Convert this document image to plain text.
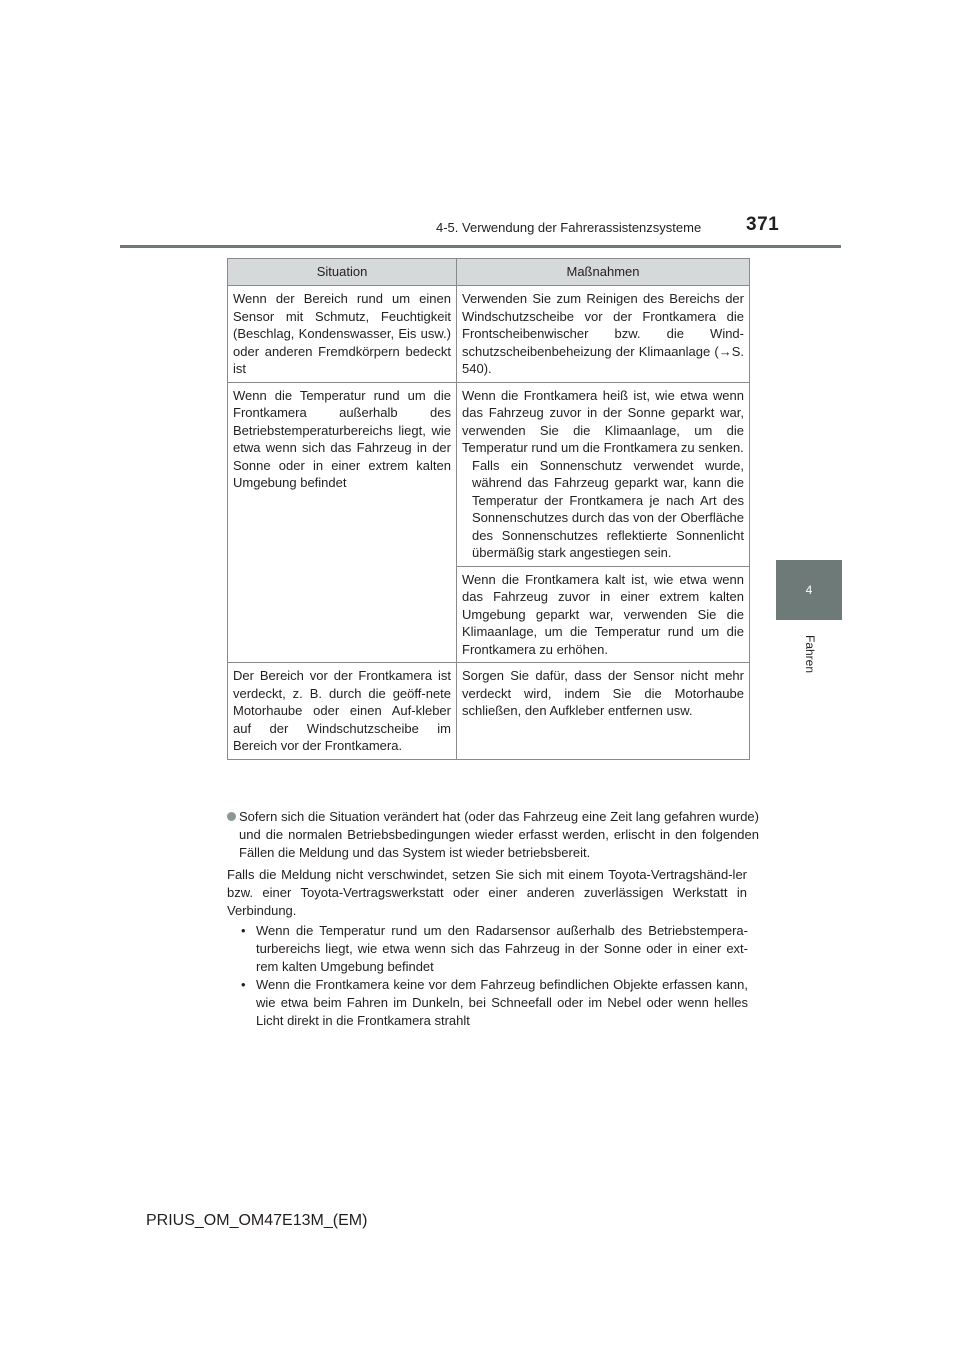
4-5. Verwendung der Fahrerassistenzsysteme 371
4
Fahren
Situation	Maßnahmen
Wenn der Bereich rund um einen Sensor mit Schmutz, Feuchtigkeit (Beschlag, Kondenswasser, Eis usw.) oder anderen Fremdkörpern bedeckt ist	Verwenden Sie zum Reinigen des Bereichs der Windschutzscheibe vor der Frontkamera die Frontscheibenwischer bzw. die Wind-schutzscheibenbeheizung der Klimaanlage (→S. 540).
Wenn die Temperatur rund um die Frontkamera außerhalb des Betriebstemperaturbereichs liegt, wie etwa wenn sich das Fahrzeug in der Sonne oder in einer extrem kalten Umgebung befindet	Wenn die Frontkamera heiß ist, wie etwa wenn das Fahrzeug zuvor in der Sonne geparkt war, verwenden Sie die Klimaanlage, um die Temperatur rund um die Frontkamera zu senken.
Falls ein Sonnenschutz verwendet wurde, während das Fahrzeug geparkt war, kann die Temperatur der Frontkamera je nach Art des Sonnenschutzes durch das von der Oberfläche des Sonnenschutzes reflektierte Sonnenlicht übermäßig stark angestiegen sein.

	Wenn die Frontkamera kalt ist, wie etwa wenn das Fahrzeug zuvor in einer extrem kalten Umgebung geparkt war, verwenden Sie die Klimaanlage, um die Temperatur rund um die Frontkamera zu erhöhen.
Der Bereich vor der Frontkamera ist verdeckt, z. B. durch die geöff-nete Motorhaube oder einen Auf-kleber auf der Windschutzscheibe im Bereich vor der Frontkamera.	Sorgen Sie dafür, dass der Sensor nicht mehr verdeckt wird, indem Sie die Motorhaube schließen, den Aufkleber entfernen usw.
Sofern sich die Situation verändert hat (oder das Fahrzeug eine Zeit lang gefahren wurde) und die normalen Betriebsbedingungen wieder erfasst werden, erlischt in den folgenden Fällen die Meldung und das System ist wieder betriebsbereit.
Falls die Meldung nicht verschwindet, setzen Sie sich mit einem Toyota-Vertragshänd-ler bzw. einer Toyota-Vertragswerkstatt oder einer anderen zuverlässigen Werkstatt in Verbindung.
• Wenn die Temperatur rund um den Radarsensor außerhalb des Betriebstempera-turbereichs liegt, wie etwa wenn sich das Fahrzeug in der Sonne oder in einer ext-rem kalten Umgebung befindet
• Wenn die Frontkamera keine vor dem Fahrzeug befindlichen Objekte erfassen kann, wie etwa beim Fahren im Dunkeln, bei Schneefall oder im Nebel oder wenn helles Licht direkt in die Frontkamera strahlt
PRIUS_OM_OM47E13M_(EM)
